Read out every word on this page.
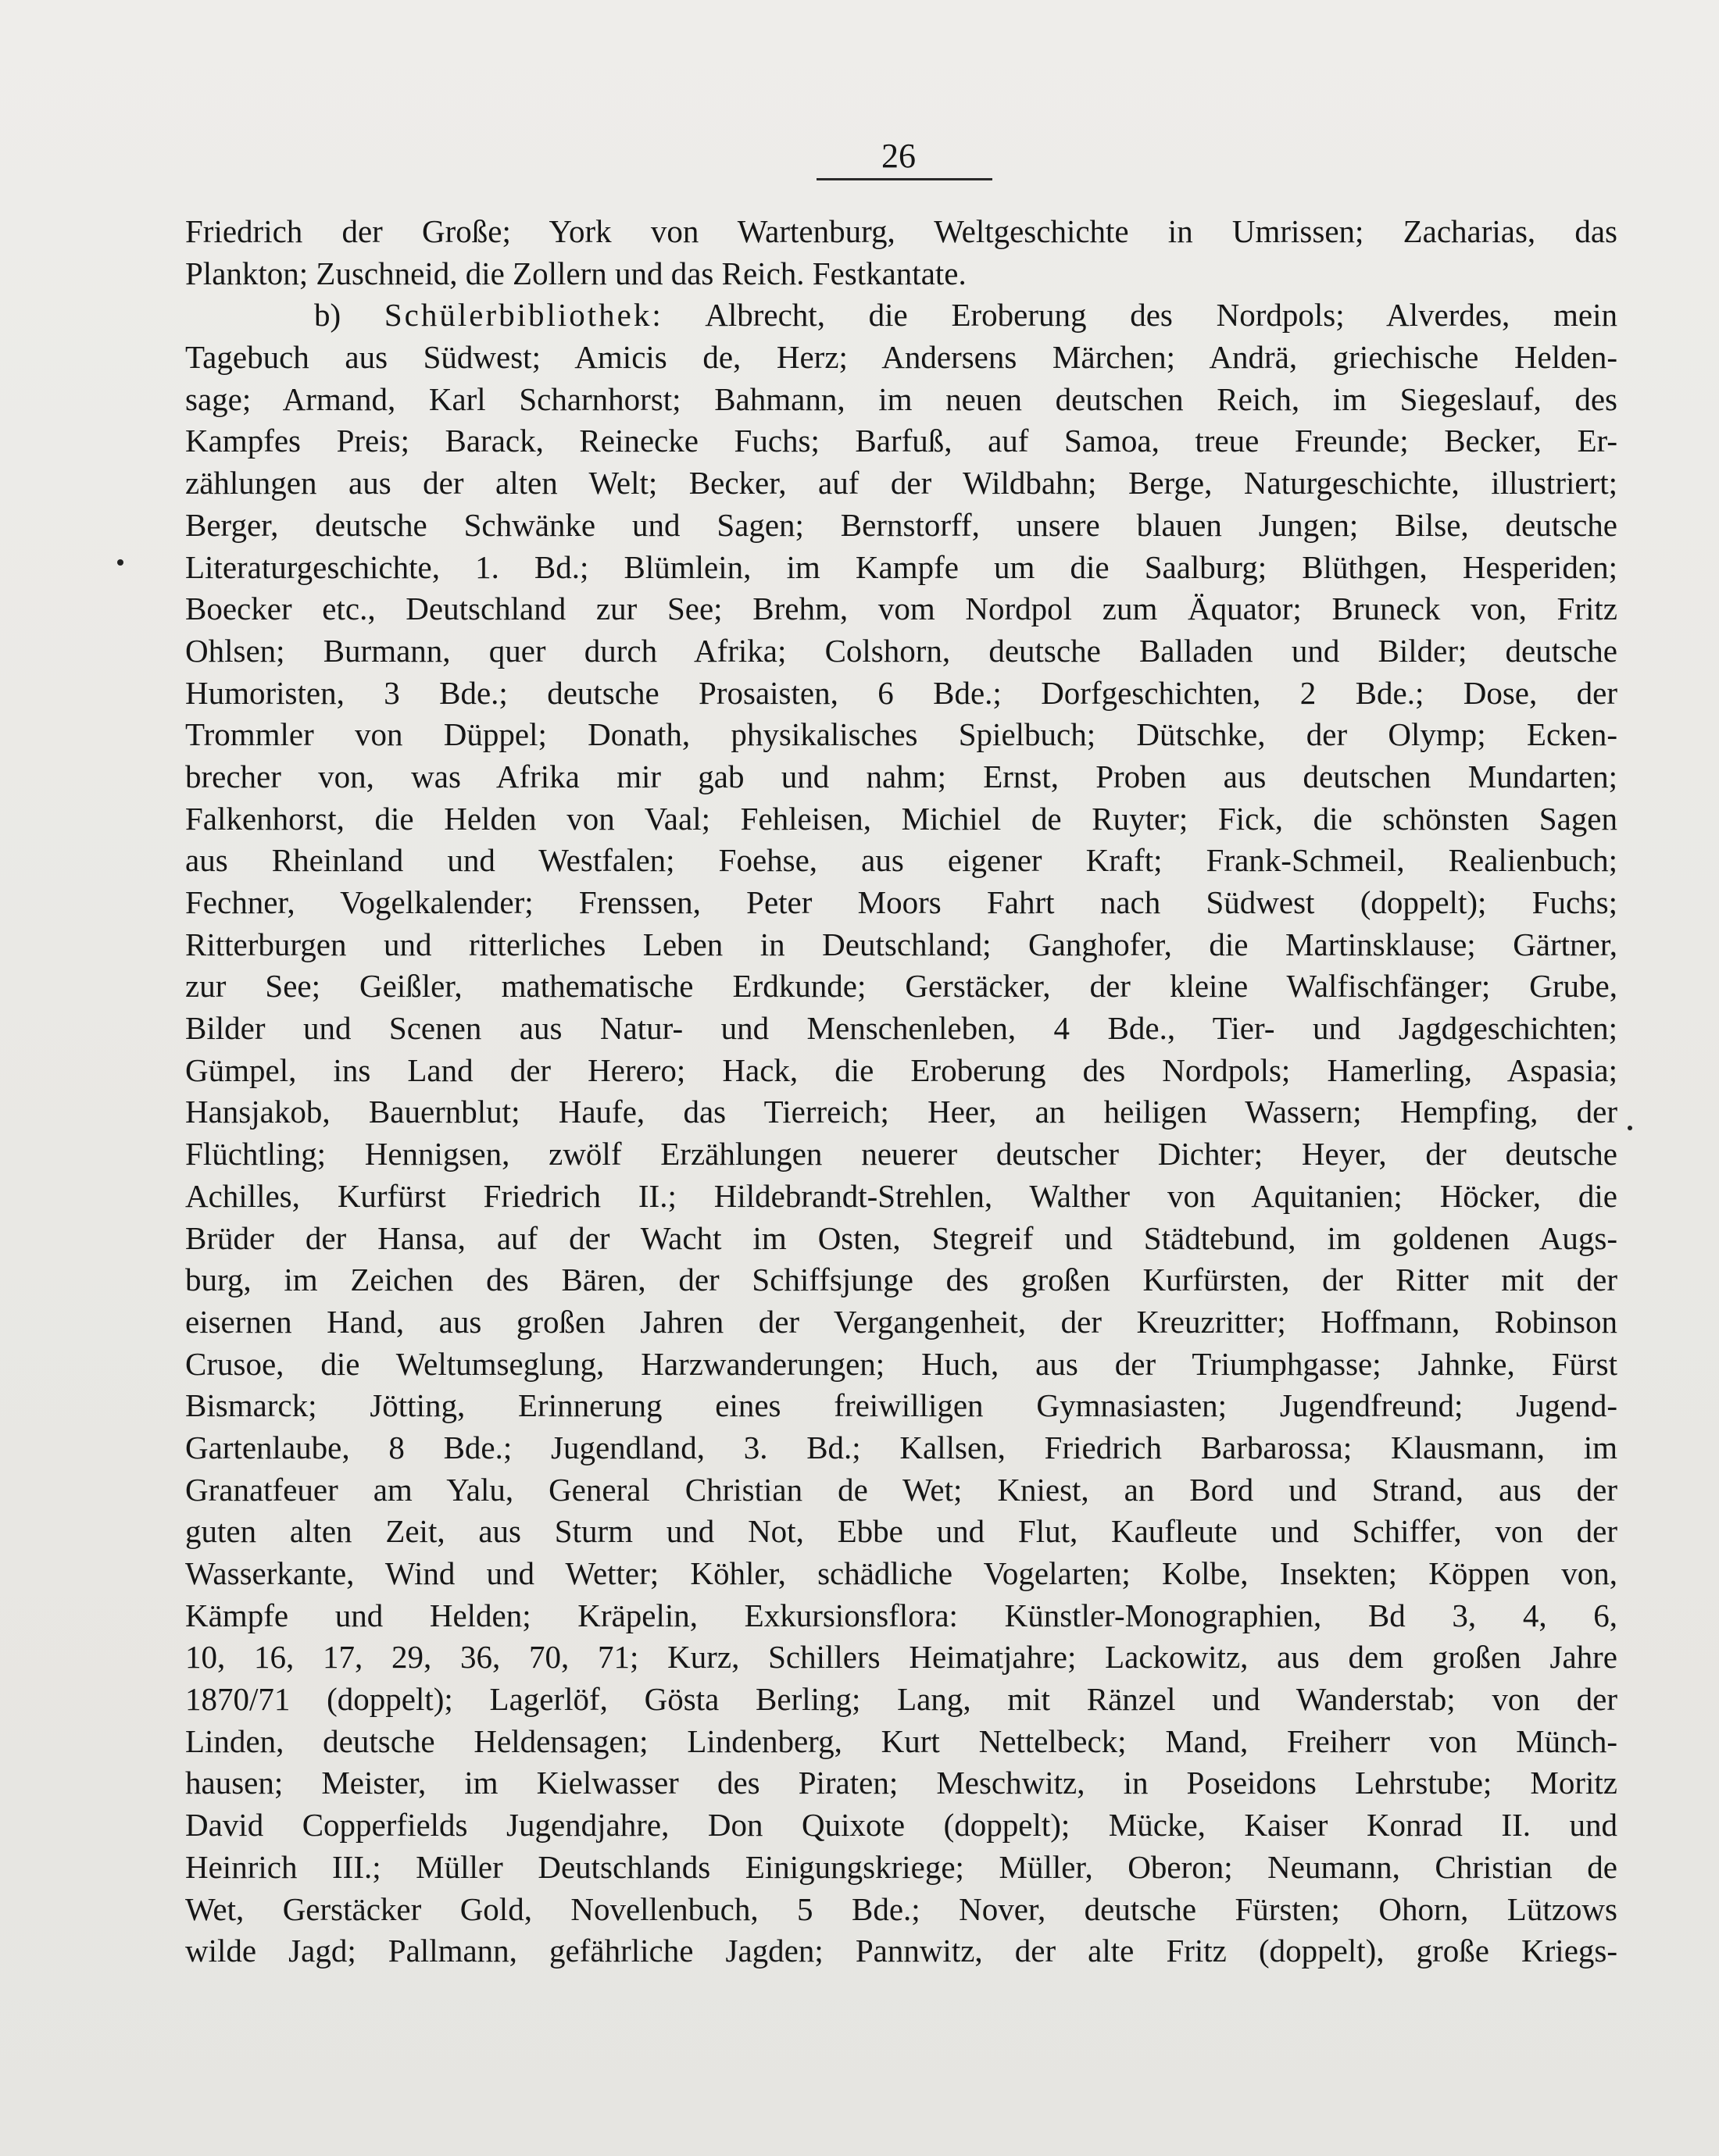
26
Friedrich der Große; York von Wartenburg, Weltgeschichte in Umrissen; Zacharias, das
Plankton; Zuschneid, die Zollern und das Reich. Festkantate.
b) Schülerbibliothek: Albrecht, die Eroberung des Nordpols; Alverdes, mein
Tagebuch aus Südwest; Amicis de, Herz; Andersens Märchen; Andrä, griechische Helden-
sage; Armand, Karl Scharnhorst; Bahmann, im neuen deutschen Reich, im Siegeslauf, des
Kampfes Preis; Barack, Reinecke Fuchs; Barfuß, auf Samoa, treue Freunde; Becker, Er-
zählungen aus der alten Welt; Becker, auf der Wildbahn; Berge, Naturgeschichte, illustriert;
Berger, deutsche Schwänke und Sagen; Bernstorff, unsere blauen Jungen; Bilse, deutsche
Literaturgeschichte, 1. Bd.; Blümlein, im Kampfe um die Saalburg; Blüthgen, Hesperiden;
Boecker etc., Deutschland zur See; Brehm, vom Nordpol zum Äquator; Bruneck von, Fritz
Ohlsen; Burmann, quer durch Afrika; Colshorn, deutsche Balladen und Bilder; deutsche
Humoristen, 3 Bde.; deutsche Prosaisten, 6 Bde.; Dorfgeschichten, 2 Bde.; Dose, der
Trommler von Düppel; Donath, physikalisches Spielbuch; Dütschke, der Olymp; Ecken-
brecher von, was Afrika mir gab und nahm; Ernst, Proben aus deutschen Mundarten;
Falkenhorst, die Helden von Vaal; Fehleisen, Michiel de Ruyter; Fick, die schönsten Sagen
aus Rheinland und Westfalen; Foehse, aus eigener Kraft; Frank-Schmeil, Realienbuch;
Fechner, Vogelkalender; Frenssen, Peter Moors Fahrt nach Südwest (doppelt); Fuchs;
Ritterburgen und ritterliches Leben in Deutschland; Ganghofer, die Martinsklause; Gärtner,
zur See; Geißler, mathematische Erdkunde; Gerstäcker, der kleine Walfischfänger; Grube,
Bilder und Scenen aus Natur- und Menschenleben, 4 Bde., Tier- und Jagdgeschichten;
Gümpel, ins Land der Herero; Hack, die Eroberung des Nordpols; Hamerling, Aspasia;
Hansjakob, Bauernblut; Haufe, das Tierreich; Heer, an heiligen Wassern; Hempfing, der
Flüchtling; Hennigsen, zwölf Erzählungen neuerer deutscher Dichter; Heyer, der deutsche
Achilles, Kurfürst Friedrich II.; Hildebrandt-Strehlen, Walther von Aquitanien; Höcker, die
Brüder der Hansa, auf der Wacht im Osten, Stegreif und Städtebund, im goldenen Augs-
burg, im Zeichen des Bären, der Schiffsjunge des großen Kurfürsten, der Ritter mit der
eisernen Hand, aus großen Jahren der Vergangenheit, der Kreuzritter; Hoffmann, Robinson
Crusoe, die Weltumseglung, Harzwanderungen; Huch, aus der Triumphgasse; Jahnke, Fürst
Bismarck; Jötting, Erinnerung eines freiwilligen Gymnasiasten; Jugendfreund; Jugend-
Gartenlaube, 8 Bde.; Jugendland, 3. Bd.; Kallsen, Friedrich Barbarossa; Klausmann, im
Granatfeuer am Yalu, General Christian de Wet; Kniest, an Bord und Strand, aus der
guten alten Zeit, aus Sturm und Not, Ebbe und Flut, Kaufleute und Schiffer, von der
Wasserkante, Wind und Wetter; Köhler, schädliche Vogelarten; Kolbe, Insekten; Köppen von,
Kämpfe und Helden; Kräpelin, Exkursionsflora: Künstler-Monographien, Bd 3, 4, 6,
10, 16, 17, 29, 36, 70, 71; Kurz, Schillers Heimatjahre; Lackowitz, aus dem großen Jahre
1870/71 (doppelt); Lagerlöf, Gösta Berling; Lang, mit Ränzel und Wanderstab; von der
Linden, deutsche Heldensagen; Lindenberg, Kurt Nettelbeck; Mand, Freiherr von Münch-
hausen; Meister, im Kielwasser des Piraten; Meschwitz, in Poseidons Lehrstube; Moritz
David Copperfields Jugendjahre, Don Quixote (doppelt); Mücke, Kaiser Konrad II. und
Heinrich III.; Müller Deutschlands Einigungskriege; Müller, Oberon; Neumann, Christian de
Wet, Gerstäcker Gold, Novellenbuch, 5 Bde.; Nover, deutsche Fürsten; Ohorn, Lützows
wilde Jagd; Pallmann, gefährliche Jagden; Pannwitz, der alte Fritz (doppelt), große Kriegs-
